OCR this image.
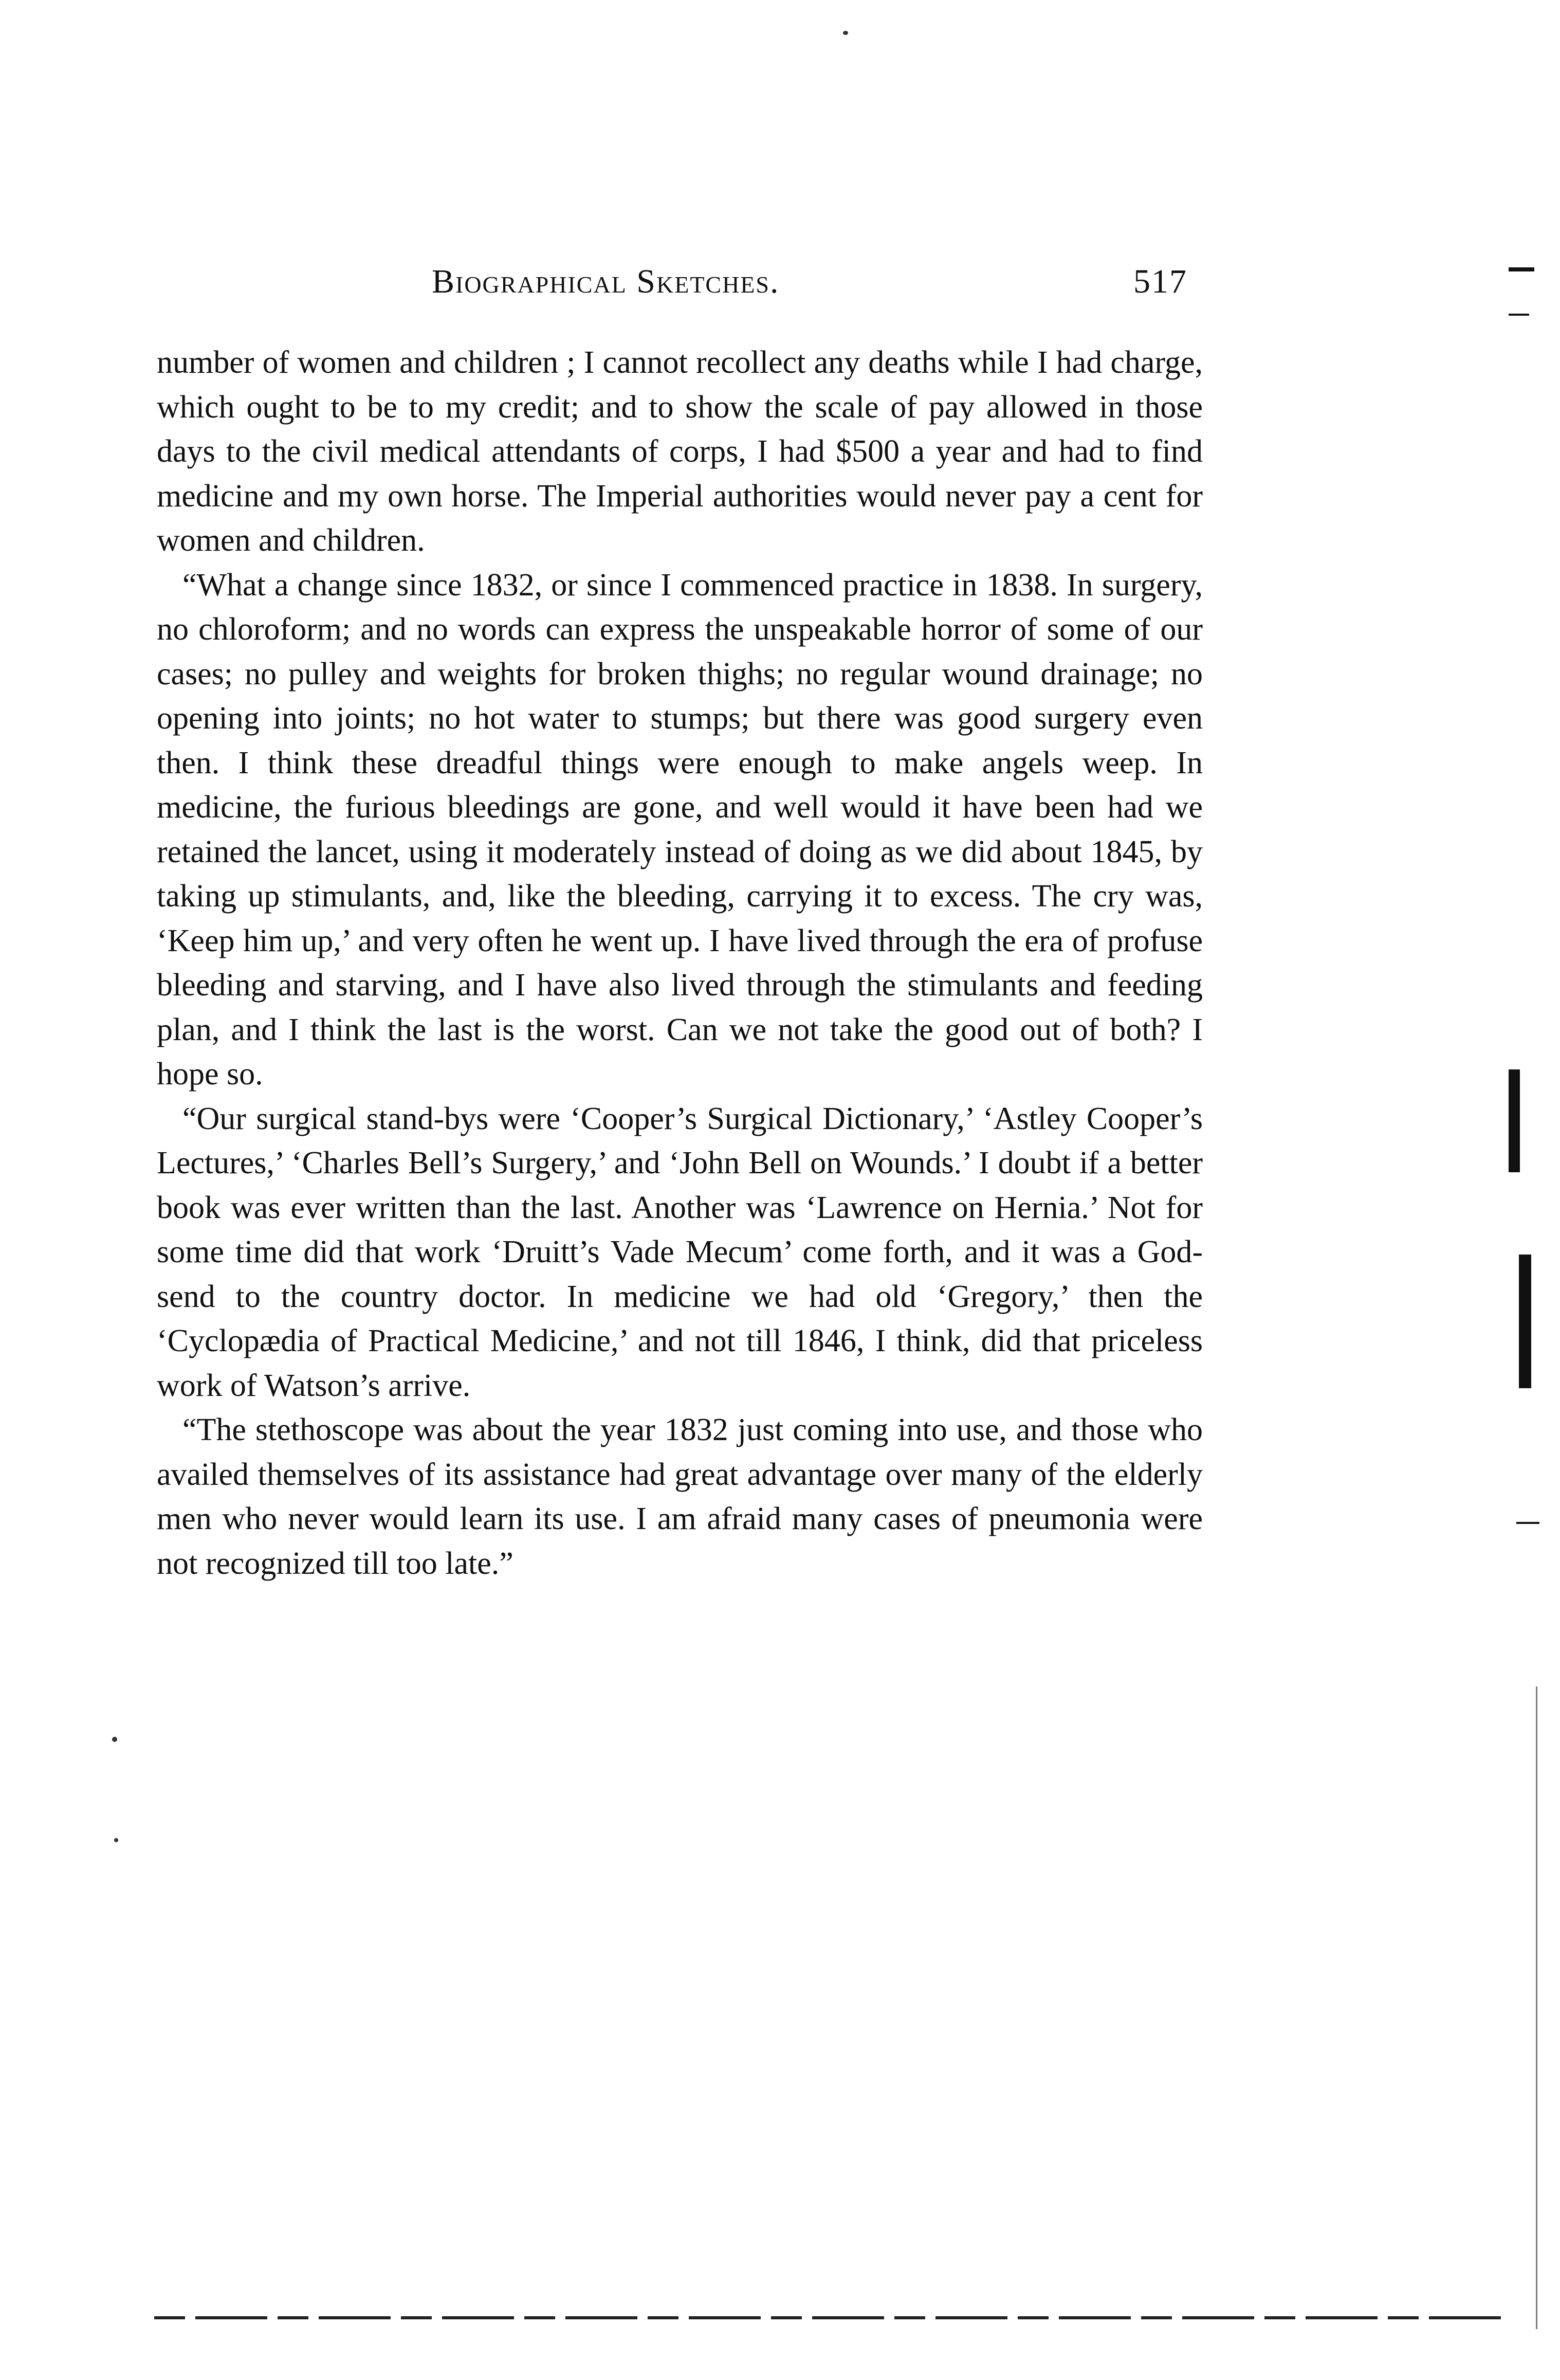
Biographical Sketches.	517

number of women and children ; I cannot recollect any deaths while I had charge, which ought to be to my credit; and to show the scale of pay allowed in those days to the civil medical attendants of corps, I had $500 a year and had to find medicine and my own horse. The Imperial authorities would never pay a cent for women and children.

“What a change since 1832, or since I commenced practice in 1838. In surgery, no chloroform; and no words can express the unspeakable horror of some of our cases; no pulley and weights for broken thighs; no regular wound drainage; no opening into joints; no hot water to stumps; but there was good surgery even then. I think these dreadful things were enough to make angels weep. In medicine, the furious bleedings are gone, and well would it have been had we retained the lancet, using it moderately instead of doing as we did about 1845, by taking up stimulants, and, like the bleeding, carrying it to excess. The cry was, ‘Keep him up,’ and very often he went up. I have lived through the era of profuse bleeding and starving, and I have also lived through the stimulants and feeding plan, and I think the last is the worst. Can we not take the good out of both? I hope so.

“Our surgical stand-bys were ‘Cooper’s Surgical Dictionary,’ ‘Astley Cooper’s Lectures,’ ‘Charles Bell’s Surgery,’ and ‘John Bell on Wounds.’ I doubt if a better book was ever written than the last. Another was ‘Lawrence on Hernia.’ Not for some time did that work ‘Druitt’s Vade Mecum’ come forth, and it was a God-send to the country doctor. In medicine we had old ‘Gregory,’ then the ‘Cyclopædia of Practical Medicine,’ and not till 1846, I think, did that priceless work of Watson’s arrive.

“The stethoscope was about the year 1832 just coming into use, and those who availed themselves of its assistance had great advantage over many of the elderly men who never would learn its use. I am afraid many cases of pneumonia were not recognized till too late.”
